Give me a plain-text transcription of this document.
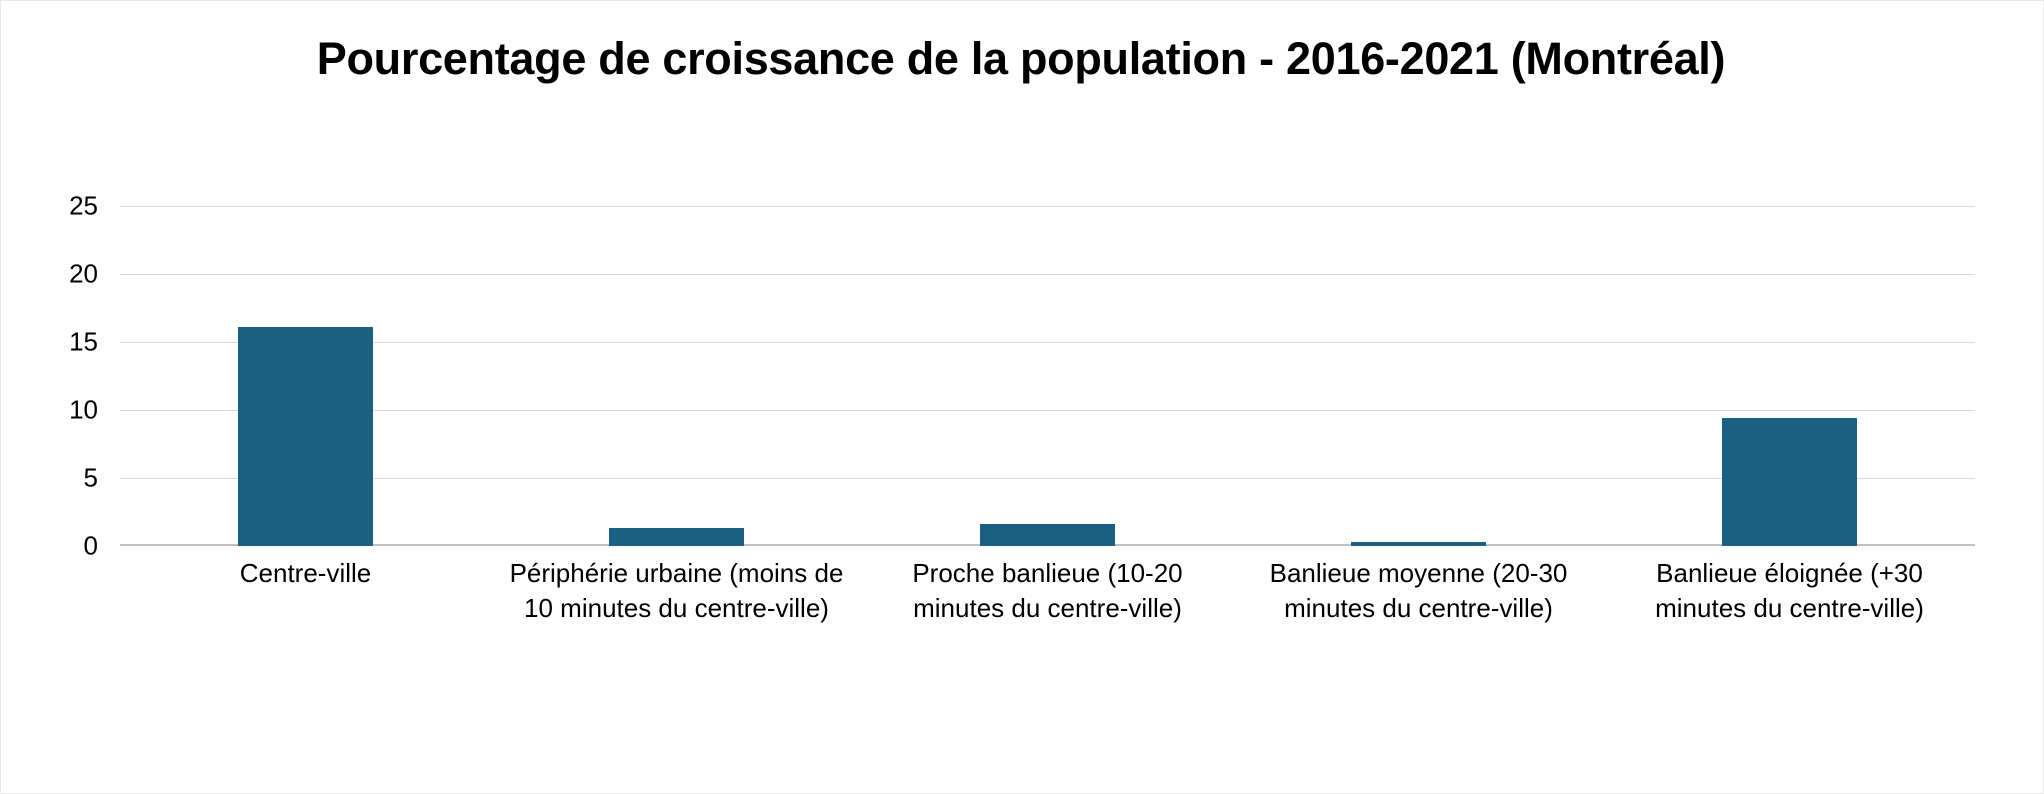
Pourcentage de croissance de la population - 2016-2021 (Montréal)
25
20
15
10
5
0
Centre-ville	Périphérie urbaine (moins de 10 minutes du centre-ville)
Proche banlieue (10-20 minutes du centre-ville)
Banlieue moyenne (20-30 minutes du centre-ville)
Banlieue éloignée (+30 minutes du centre-ville)
